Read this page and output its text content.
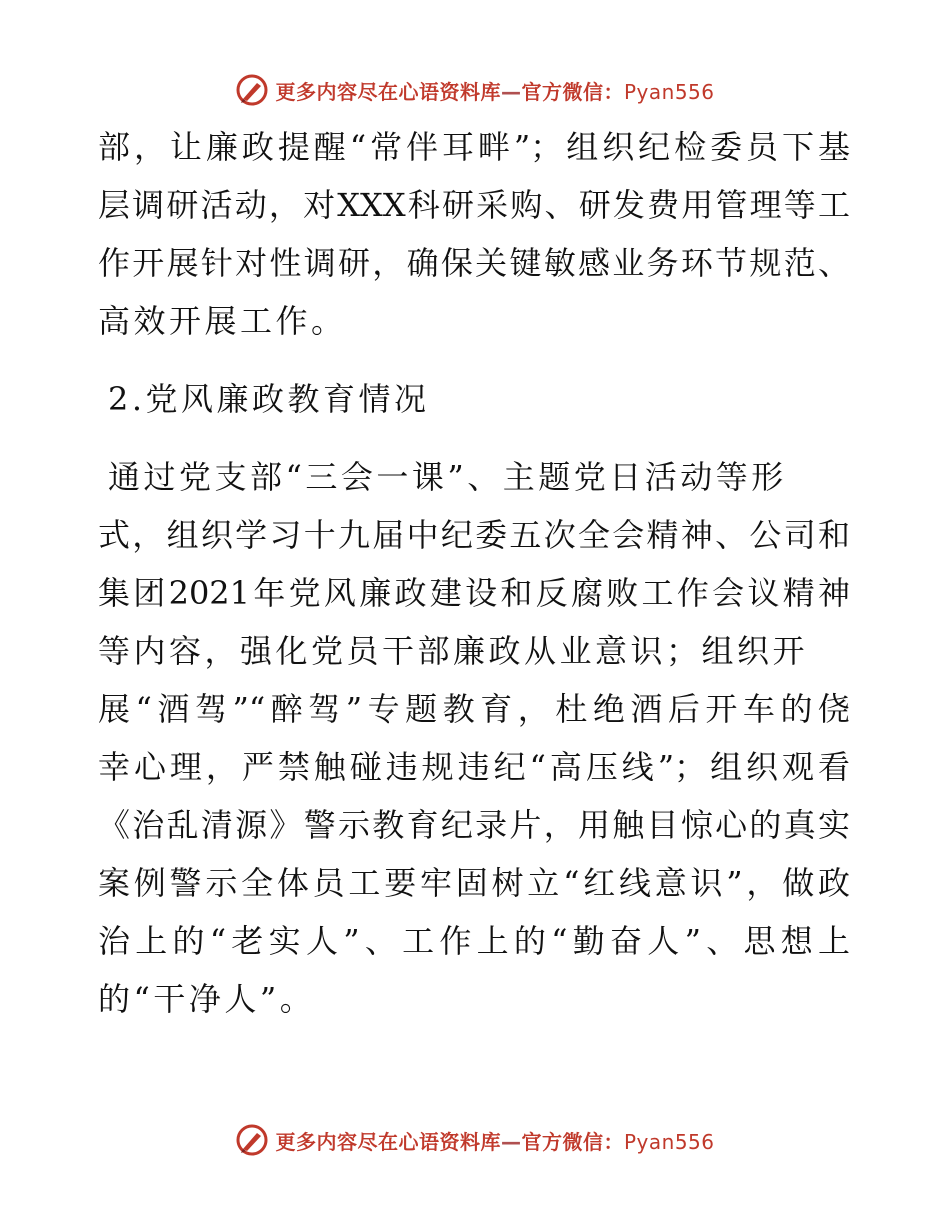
更多内容尽在心语资料库—官方微信：Pyan556
部，让廉政提醒“常伴耳畔”；组织纪检委员下基
层调研活动，对XXX科研采购、研发费用管理等工
作开展针对性调研，确保关键敏感业务环节规范、
高效开展工作。
2.党风廉政教育情况
通过党支部“三会一课”、主题党日活动等形
式，组织学习十九届中纪委五次全会精神、公司和
集团2021年党风廉政建设和反腐败工作会议精神
等内容，强化党员干部廉政从业意识；组织开
展“酒驾”“醉驾”专题教育，杜绝酒后开车的侥
幸心理，严禁触碰违规违纪“高压线”；组织观看
《治乱清源》警示教育纪录片，用触目惊心的真实
案例警示全体员工要牢固树立“红线意识”，做政
治上的“老实人”、工作上的“勤奋人”、思想上
的“干净人”。
更多内容尽在心语资料库—官方微信：Pyan556
